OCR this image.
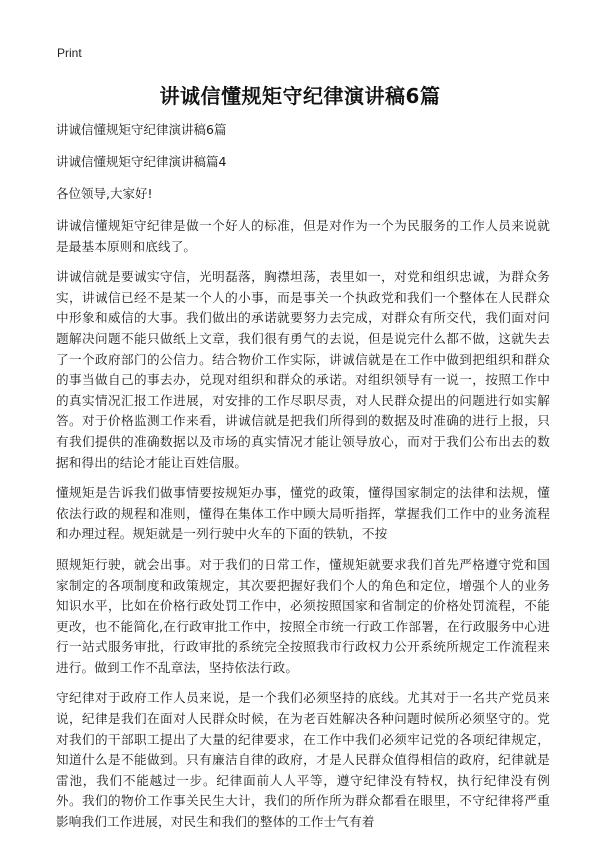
Print
讲诚信懂规矩守纪律演讲稿6篇

讲诚信懂规矩守纪律演讲稿6篇

讲诚信懂规矩守纪律演讲稿篇4

各位领导,大家好!

讲诚信懂规矩守纪律是做一个好人的标准，但是对作为一个为民服务的工作人员来说就是最基本原则和底线了。

讲诚信就是要诚实守信，光明磊落，胸襟坦荡，表里如一，对党和组织忠诚，为群众务实，讲诚信已经不是某一个人的小事，而是事关一个执政党和我们一个整体在人民群众中形象和威信的大事。我们做出的承诺就要努力去完成，对群众有所交代，我们面对问题解决问题不能只做纸上文章，我们很有勇气的去说，但是说完什么都不做，这就失去了一个政府部门的公信力。结合物价工作实际，讲诚信就是在工作中做到把组织和群众的事当做自己的事去办，兑现对组织和群众的承诺。对组织领导有一说一，按照工作中的真实情况汇报工作进展，对安排的工作尽职尽责，对人民群众提出的问题进行如实解答。对于价格监测工作来看，讲诚信就是把我们所得到的数据及时准确的进行上报，只有我们提供的准确数据以及市场的真实情况才能让领导放心，而对于我们公布出去的数据和得出的结论才能让百姓信服。

懂规矩是告诉我们做事情要按规矩办事，懂党的政策，懂得国家制定的法律和法规，懂依法行政的规程和准则，懂得在集体工作中顾大局听指挥，掌握我们工作中的业务流程和办理过程。规矩就是一列行驶中火车的下面的铁轨，不按

照规矩行驶，就会出事。对于我们的日常工作，懂规矩就要求我们首先严格遵守党和国家制定的各项制度和政策规定，其次要把握好我们个人的角色和定位，增强个人的业务知识水平，比如在价格行政处罚工作中，必须按照国家和省制定的价格处罚流程，不能更改，也不能简化,在行政审批工作中，按照全市统一行政工作部署，在行政服务中心进行一站式服务审批，行政审批的系统完全按照我市行政权力公开系统所规定工作流程来进行。做到工作不乱章法，坚持依法行政。

守纪律对于政府工作人员来说，是一个我们必须坚持的底线。尤其对于一名共产党员来说，纪律是我们在面对人民群众时候，在为老百姓解决各种问题时候所必须坚守的。党对我们的干部职工提出了大量的纪律要求，在工作中我们必须牢记党的各项纪律规定，知道什么是不能做到。只有廉洁自律的政府，才是人民群众值得相信的政府，纪律就是雷池，我们不能越过一步。纪律面前人人平等，遵守纪律没有特权，执行纪律没有例外。我们的物价工作事关民生大计，我们的所作所为群众都看在眼里，不守纪律将严重影响我们工作进展，对民生和我们的整体的工作士气有着
